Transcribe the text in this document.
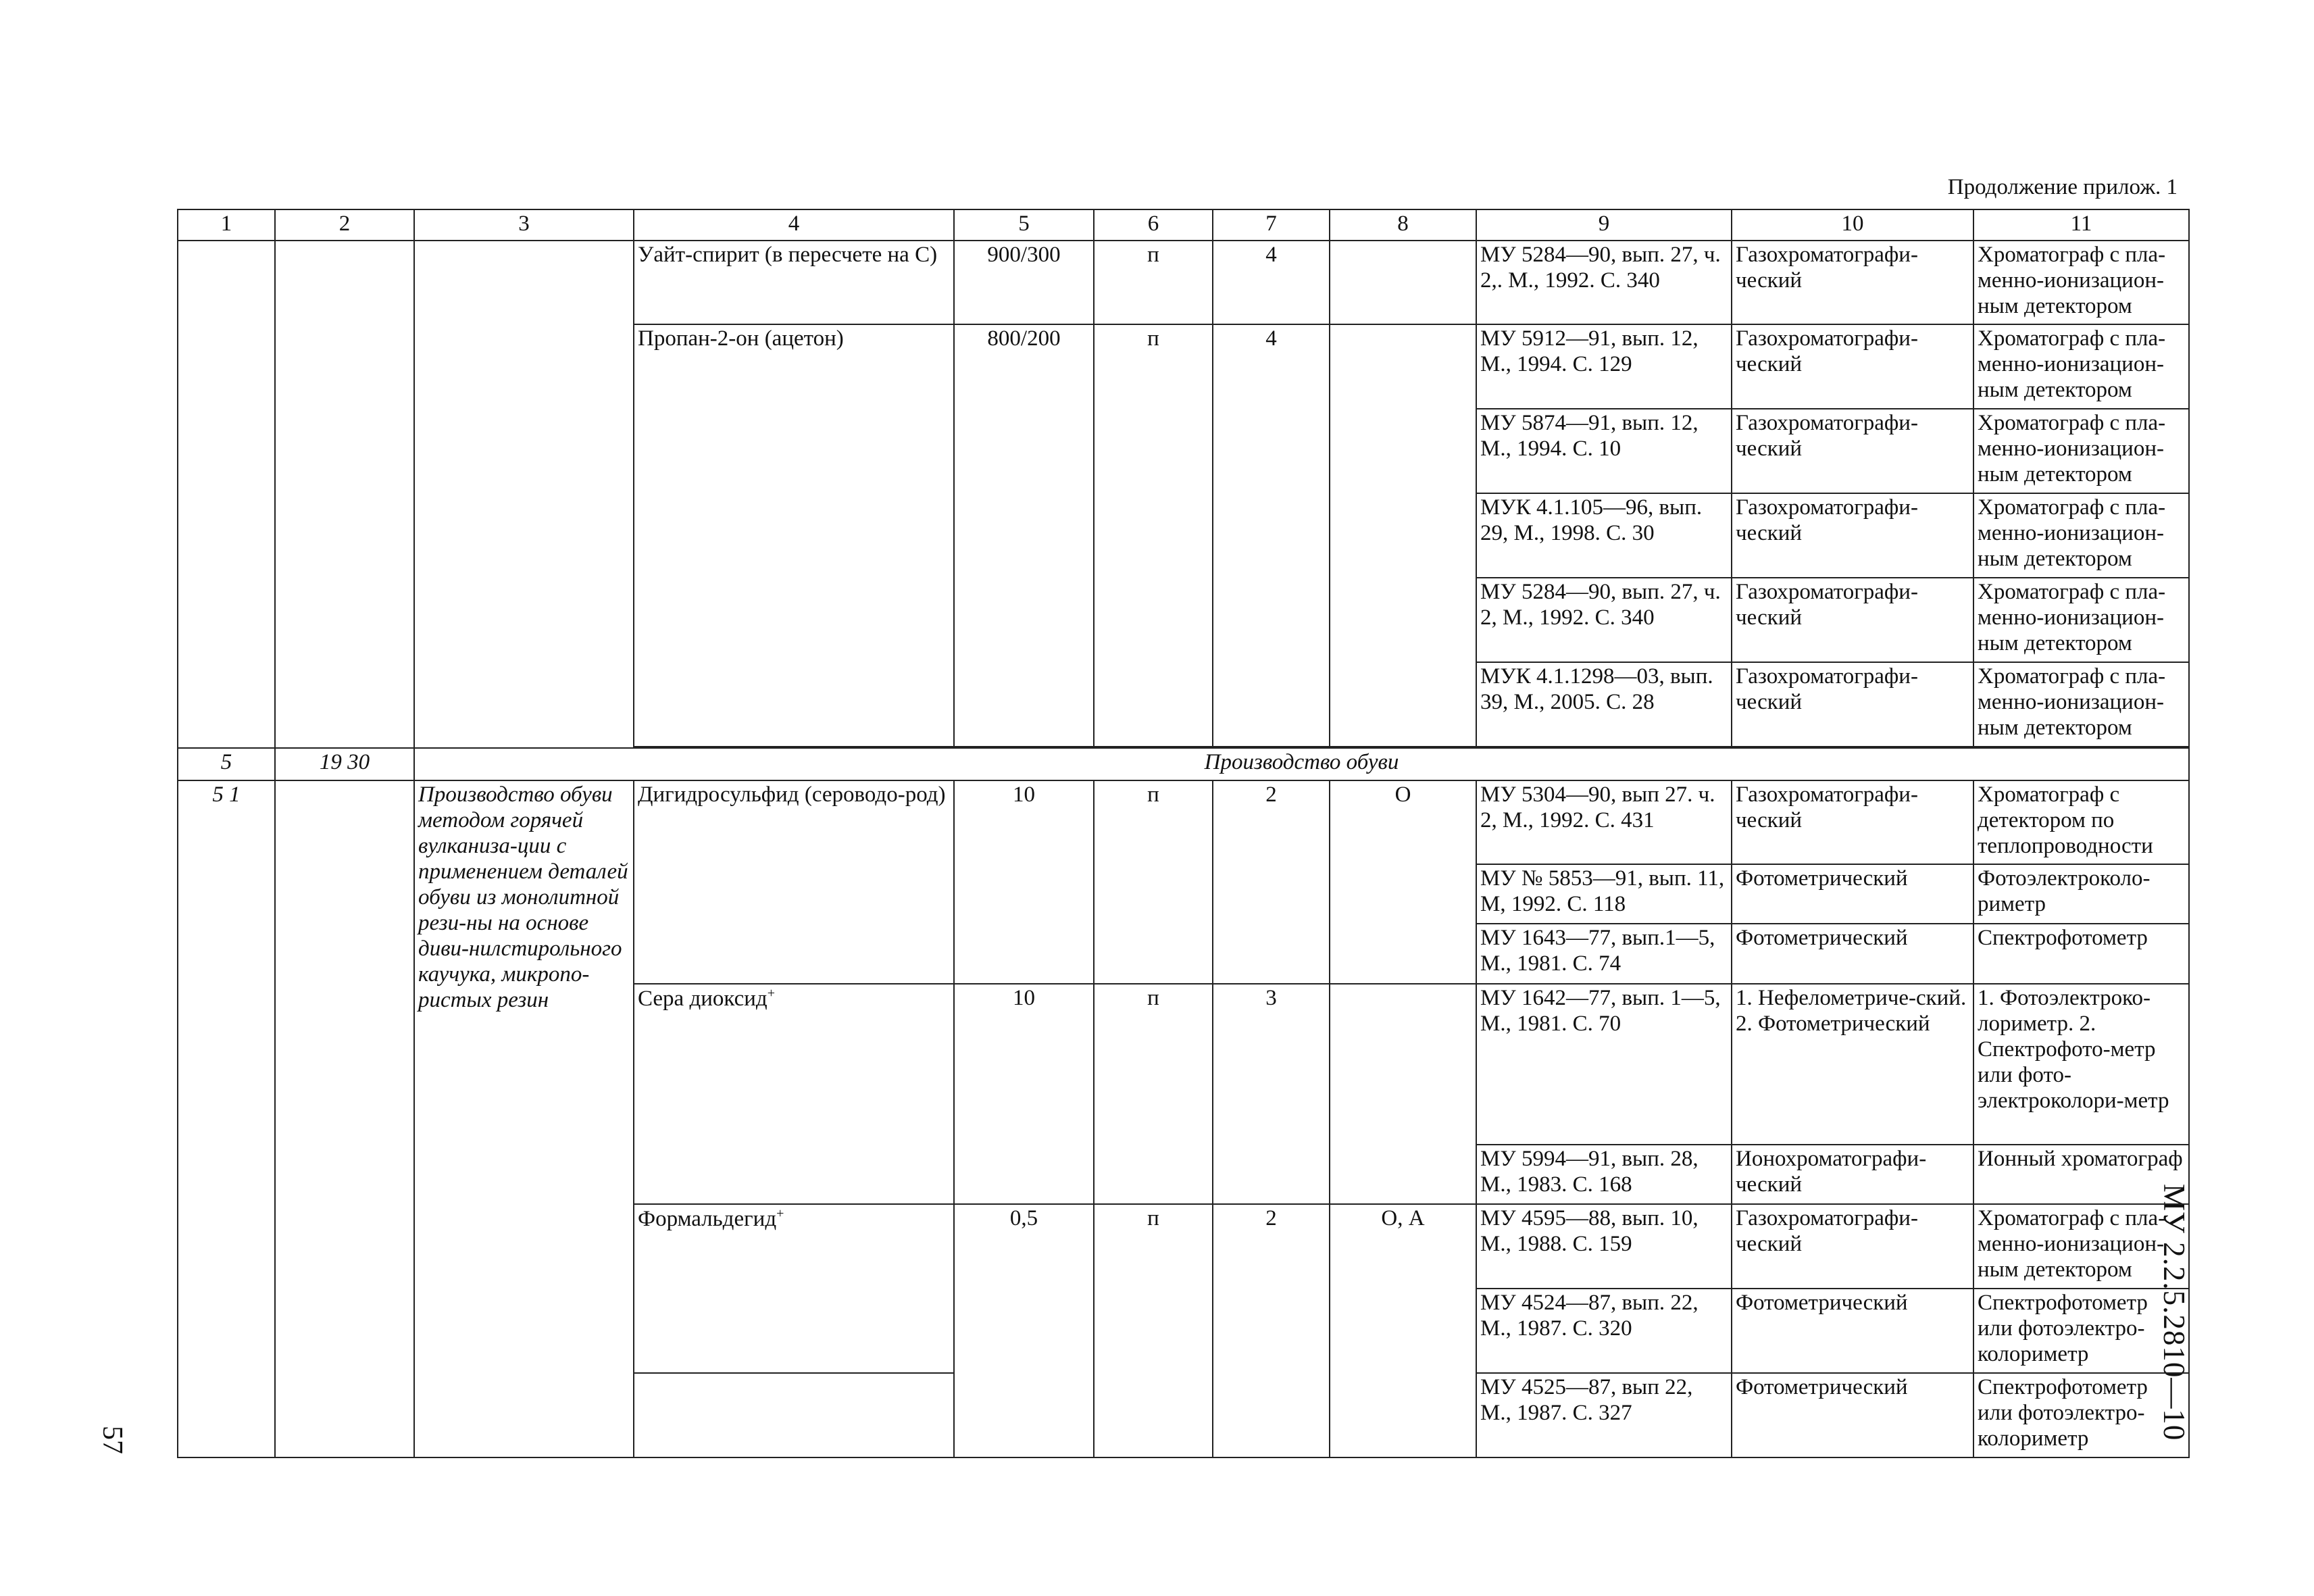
Продолжение прилож. 1
МУ 2.2.5.2810—10
57
1	2	3	4	5	6	7	8	9	10	11
			Уайт-спирит (в пересчете на С)	900/300	п	4		МУ 5284—90, вып. 27, ч. 2,. М., 1992. С. 340	Газохроматографи-ческий	Хроматограф с пла-менно-ионизацион-ным детектором
			Пропан-2-он (ацетон)	800/200	п	4		МУ 5912—91, вып. 12, М., 1994. С. 129	Газохроматографи-ческий	Хроматограф с пла-менно-ионизацион-ным детектором
								МУ 5874—91, вып. 12, М., 1994. С. 10	Газохроматографи-ческий	Хроматограф с пла-менно-ионизацион-ным детектором
								МУК 4.1.105—96, вып. 29, М., 1998. С. 30	Газохроматографи-ческий	Хроматограф с пла-менно-ионизацион-ным детектором
								МУ 5284—90, вып. 27, ч. 2, М., 1992. С. 340	Газохроматографи-ческий	Хроматограф с пла-менно-ионизацион-ным детектором
								МУК 4.1.1298—03, вып. 39, М., 2005. С. 28	Газохроматографи-ческий	Хроматограф с пла-менно-ионизацион-ным детектором

5	19 30	Производство обуви								
5 1		Производство обуви методом горячей вулканиза-ции с применением деталей обуви из монолитной рези-ны на основе диви-нилстирольного каучука, микропо-ристых резин	Дигидросульфид (сероводо-род)	10	п	2	О	МУ 5304—90, вып 27. ч. 2, М., 1992. С. 431	Газохроматографи-ческий	Хроматограф с детектором по теплопроводности
								МУ № 5853—91, вып. 11, М, 1992. С. 118	Фотометрический	Фотоэлектроколо-риметр
								МУ 1643—77, вып.1—5, М., 1981. С. 74	Фотометрический	Спектрофотометр
			Сера диоксид+	10	п	3		МУ 1642—77, вып. 1—5, М., 1981. С. 70	1. Нефелометриче-ский. 2. Фотометрический	1. Фотоэлектроко-лориметр. 2. Спектрофото-метр или фото-электроколори-метр
								МУ 5994—91, вып. 28, М., 1983. С. 168	Ионохроматографи-ческий	Ионный хроматограф
			Формальдегид+	0,5	п	2	О, А	МУ 4595—88, вып. 10, М., 1988. С. 159	Газохроматографи-ческий	Хроматограф с пла-менно-ионизацион-ным детектором
								МУ 4524—87, вып. 22, М., 1987. С. 320	Фотометрический	Спектрофотометр или фотоэлектро-колориметр
								МУ 4525—87, вып 22, М., 1987. С. 327	Фотометрический	Спектрофотометр или фотоэлектро-колориметр
